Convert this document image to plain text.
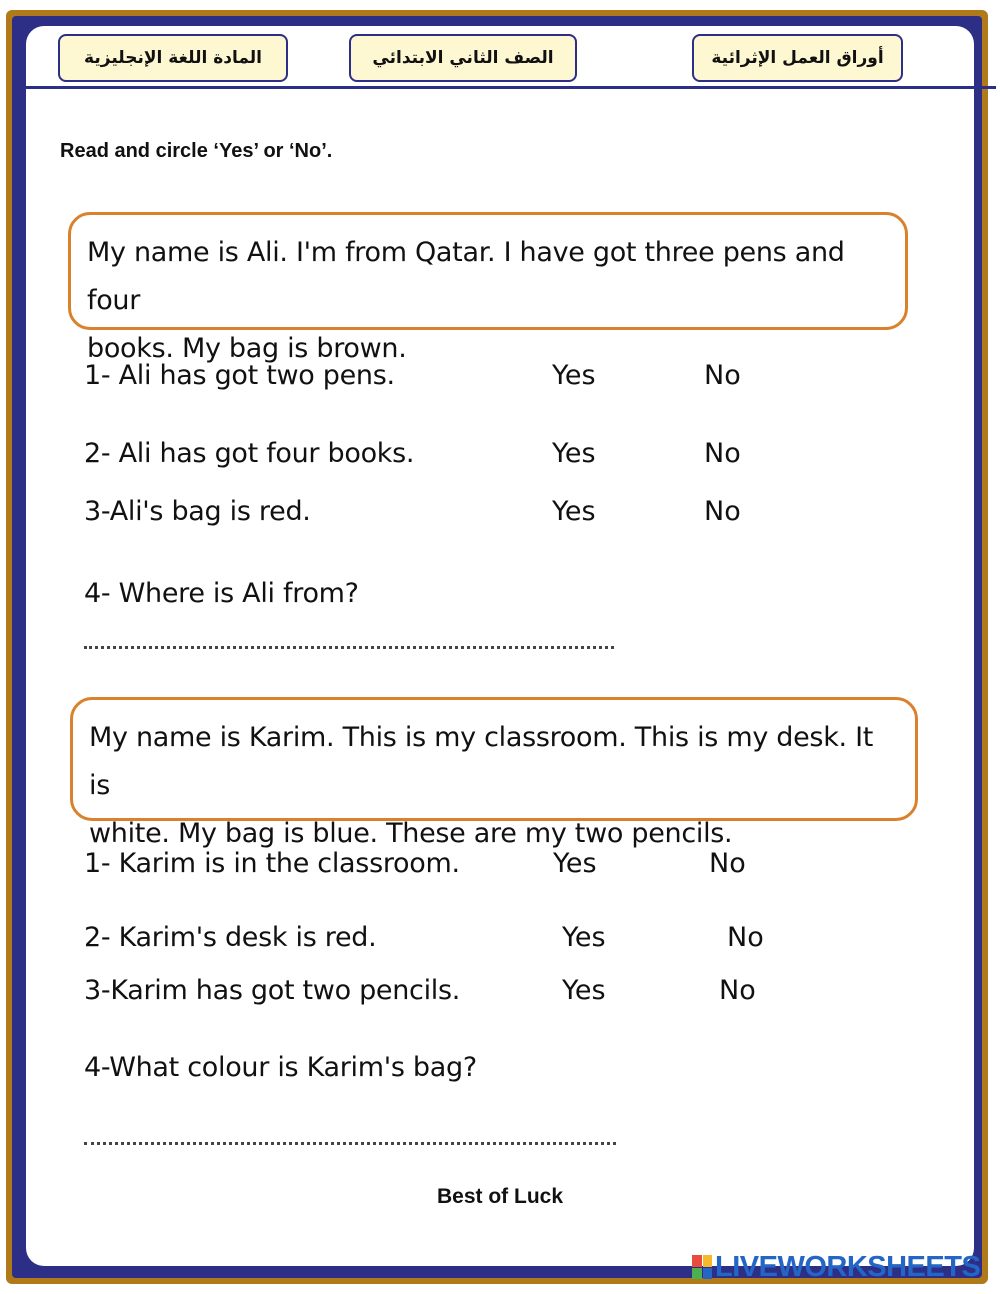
المادة اللغة الإنجليزية	الصف الثاني الابتدائي	أوراق العمل الإثرائية
Read and circle ‘Yes’ or ‘No’.
My name is Ali. I'm from Qatar. I have got three pens and four
books. My bag is brown.
1- Ali has got two pens.	Yes	No
2- Ali has got four books.	Yes	No
3-Ali's bag is red.	Yes	No
4- Where is Ali from?
My name is Karim. This is my classroom. This is my desk. It is
white. My bag is blue. These are my two pencils.
1- Karim is in the classroom.	Yes	No
2- Karim's desk is red.	Yes	No
3-Karim has got two pencils.	Yes	No
4-What colour is Karim's bag?
Best of Luck
LIVEWORKSHEETS
